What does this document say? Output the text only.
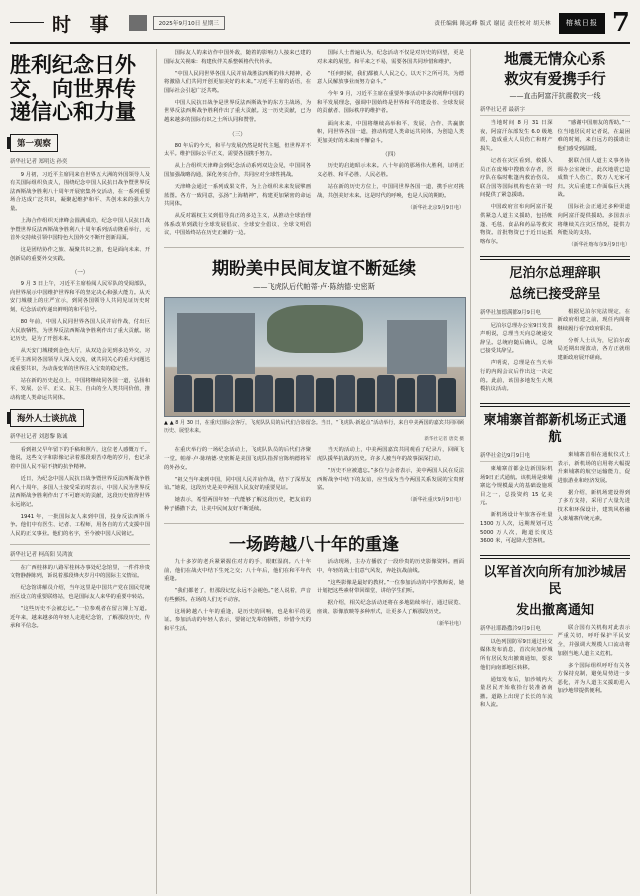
时 事	2025年9月10日 星期三	责任编辑 陈远峰 版式 谢昆 责任校对 胡天林	榕城日报 7
胜利纪念日外交，向世界传递信心和力量
第一观察
新华社记者 郑明达 孙奕

9 月初，习近平主席同来自世界五大洲的外国领导人及有关国际组织负责人，围绕纪念中国人民抗日战争暨世界反法西斯战争胜利八十周年开展密集外交活动，在一系列重要场合达成广泛共识，凝聚起维护和平、共创未来的强大力量。

上海合作组织天津峰会圆满成功，纪念中国人民抗日战争暨世界反法西斯战争胜利八十周年系列活动隆重举行，元首外交持续引领中国特色大国外交不断开创新局面。

这是团结协作之旅、凝聚共识之旅，也是面向未来、开创新局的重要外交实践。

（一）

9 月 3 日上午，习近平主席检阅人民军队的受阅部队，向世界展示中国维护世界和平的坚定决心和强大能力。从天安门城楼上的庄严宣示，到同各国领导人共同见证历史时刻，纪念活动传递出鲜明的和平信号。

80 年前，中国人民同世界各国人民并肩作战，付出巨大民族牺牲，为世界反法西斯战争胜利作出了重大贡献。铭记历史，是为了开创未来。

从天安门城楼到金色大厅，从双边会见到多边外交，习近平主席同各国领导人深入交流，就共同关心的重大问题达成重要共识，为动荡变革的世界注入宝贵的稳定性。

站在新的历史起点上，中国将继续同各国一道，弘扬和平、发展、公平、正义、民主、自由的全人类共同价值，推动构建人类命运共同体。

海外人士谈抗战
新华社记者 刘恩黎 陈诚

看到祖父早年留下的手稿和照片，这位老人感慨万千。他说，这些文字和影像记录着那段艰苦卓绝的岁月，也记录着中国人民不屈不挠的抗争精神。

近日，为纪念中国人民抗日战争暨世界反法西斯战争胜利八十周年，多国人士接受采访时表示，中国人民为世界反法西斯战争胜利作出了不可磨灭的贡献，这段历史值得世界永远铭记。

1941 年，一批国际友人来到中国，投身反法西斯斗争。他们中有医生、记者、工程师，用各自的方式支援中国人民的正义事业。他们的名字，至今被中国人民铭记。

新华社记者 柯高阳 吴鸿波

在广西桂林的八路军桂林办事处纪念馆里，一件件珍贵文物静静陈列，诉说着那段烽火岁月中的国际主义情谊。

纪念馆讲解员介绍，当年这里是中国共产党在国民党统治区设立的重要联络站，也是国际友人来华的重要中转站。

“这些历史不会被忘记。”一位参观者在留言簿上写道。近年来，越来越多的年轻人走进纪念馆，了解那段历史，传承和平信念。

国际友人的来访作中国外敌，随着的影响力人接来已建的国际友关视味：构建伙伴关系整顿格代代传承。

“中国人民同世界各国人民并肩战胜法西斯的伟大精神，必将激励人们共同开创更加美好的未来。”习近平主席的话语，在国际社会引起广泛共鸣。

中国人民抗日战争是世界反法西斯战争的东方主战场，为世界反法西斯战争胜利作出了重大贡献。这一历史贡献，已为越来越多的国际有识之士所认同和赞誉。

（三）

80 年后的今天，和平与发展仍然是时代主题，但世界并不太平。维护国际公平正义，需要各国携手努力。

从上合组织天津峰会到纪念活动系列双边会见，中国同各国加强战略沟通，深化务实合作，共同应对全球性挑战。

天津峰会通过一系列成果文件，为上合组织未来发展擘画蓝图。各方一致同意，弘扬“上海精神”，构建更加紧密的命运共同体。

从反对霸权主义到倡导真正的多边主义，从推动全球治理体系改革到践行全球发展倡议、全球安全倡议、全球文明倡议，中国始终站在历史正确的一边。

国际人士普遍认为，纪念活动不仅是对历史的回望，更是对未来的展望。和平来之不易，需要各国共同珍惜和维护。

“任何时候，我们都被人人民之心，以天下之所可共，为德意人民解放事业而努力奋斗。”

今年 9 月，习近平主席在重要外事活动中多次阐释中国的和平发展理念，强调中国始终是世界和平的建设者、全球发展的贡献者、国际秩序的维护者。

面向未来，中国将继续高举和平、发展、合作、共赢旗帜，同世界各国一道，推动构建人类命运共同体，为创造人类更加美好的未来而不懈奋斗。

（四）

历史的启迪昭示未来。八十年前的那场伟大胜利，证明正义必胜、和平必胜、人民必胜。

站在新的历史方位上，中国同世界各国一道，携手应对挑战，共创美好未来。这是时代的呼唤，也是人民的期盼。

（新华社北京9月9日电）
期盼美中民间友谊不断延续
——飞虎队后代帕蒂·卢·陈纳德·史密斯
▲ ▲ 8 月 30 日，在重庆国际会客厅，飞虎队队员的后代们合影留念。当日，“飞虎队·新起点”活动举行，来自中美两国的嘉宾共同回顾历史、展望未来。
新华社记者 唐奕 摄

在重庆举行的一场纪念活动上，飞虎队队员的后代们齐聚一堂。帕蒂·卢·陈纳德·史密斯是美国飞虎队指挥官陈纳德将军的外孙女。

“祖父当年来到中国，同中国人民并肩作战，结下了深厚友谊。”她说，这段历史是美中两国人民友好的重要见证。

她表示，希望两国年轻一代能够了解这段历史，把友谊的种子播撒下去，让美中民间友好不断延续。

当天的活动上，中美两国嘉宾共同观看了纪录片，回顾飞虎队援华抗战的历史。许多人被当年的故事深深打动。

“历史不应被遗忘。”多位与会者表示，美中两国人民在反法西斯战争中结下的友谊，应当成为当今两国关系发展的宝贵财富。

（新华社重庆9月9日电）
一场跨越八十年的重逢

九十多岁的老兵紧紧握住对方的手，眼眶湿润。八十年前，他们在战火中结下生死之交；八十年后，他们在和平年代重逢。

“我们都老了，但那段记忆永远不会褪色。”老人说着，声音有些颤抖。在场的人们无不动容。

这场跨越八十年的重逢，是历史的回响，也是和平的见证。参加活动的年轻人表示，要铭记先辈的牺牲，珍惜今天的和平生活。

活动现场，主办方播放了一段珍贵的历史影像资料。画面中，年轻的战士们意气风发，奔赴抗战前线。

“这些影像是最好的教材。”一位参加活动的中学教师说，她计划把这些素材带回课堂，讲给学生们听。

据介绍，相关纪念活动还将在多地陆续举行，通过展览、座谈、影像放映等多种形式，让更多人了解那段历史。

（新华社电）
地震无情众心系
救灾有爱携手行
——直击阿富汗抗震救灾一线
新华社记者 最新字

当地时间 8 月 31 日深夜，阿富汗东部发生 6.0 级地震，造成重大人员伤亡和财产损失。

记者在灾区看到，救援人员正在废墟中搜救幸存者，医疗队在临时帐篷内救治伤员。联合国等国际机构也在第一时间提供了紧急援助。

中国政府宣布向阿富汗提供紧急人道主义援助，包括帐篷、毛毯、食品和药品等救灾物资。首批物资已于近日运抵喀布尔。

“感谢中国朋友的帮助。”一位当地居民对记者说，在最困难的时刻，来自远方的援助让他们感受到温暖。

据联合国人道主义事务协调办公室统计，此次地震已造成数千人伤亡，数万人无家可归。灾后重建工作面临巨大挑战。

国际社会正通过多种渠道向阿富汗提供援助。多国表示将继续关注灾区情况，提供力所能及的支持。

（新华社喀布尔9月9日电）
尼泊尔总理辞职
总统已接受辞呈
新华社加德满都9月9日电

尼泊尔总理办公室9日发表声明说，总理当天向总统递交辞呈。总统府随后确认，总统已接受其辞呈。

声明说，总理是在当天举行的内阁会议后作出这一决定的。此前，该国多地发生大规模抗议活动。

根据尼泊尔宪法规定，在新政府组建之前，现任内阁将继续履行看守政府职责。

分析人士认为，尼泊尔政局近期出现波动，各方正就组建新政府展开磋商。

柬埔寨首都新机场正式通航
新华社金边9月9日电

柬埔寨首都金边新国际机场9日正式通航。该机场是柬埔寨迄今规模最大的基础设施项目之一，总投资约 15 亿美元。

新机场设计年旅客吞吐量 1300 万人次，远期规划可达 5000 万人次，跑道长度达 3600 米，可起降大型客机。

柬埔寨首相在通航仪式上表示，新机场的启用将大幅提升柬埔寨的航空运输能力，促进旅游业和经济发展。

据介绍，新机场建设得到了多方支持，采用了大量先进技术和环保设计，建筑风格融入柬埔寨传统元素。

以军首次向所有加沙城居民
发出撤离通知
新华社耶路撒冷9月9日电

以色列国防军9日通过社交媒体发布消息，首次向加沙城所有居民发出撤离通知，要求他们向南部地区转移。

通知发布后，加沙城内大量居民开始收拾行装准备南撤。道路上出现了长长的车流和人流。

联合国有关机构对此表示严重关切，呼吁保护平民安全，并强调大规模人口流动将加剧当地人道主义危机。

多个国际组织呼吁有关各方保持克制，避免局势进一步恶化，并为人道主义援助进入加沙地带提供便利。
